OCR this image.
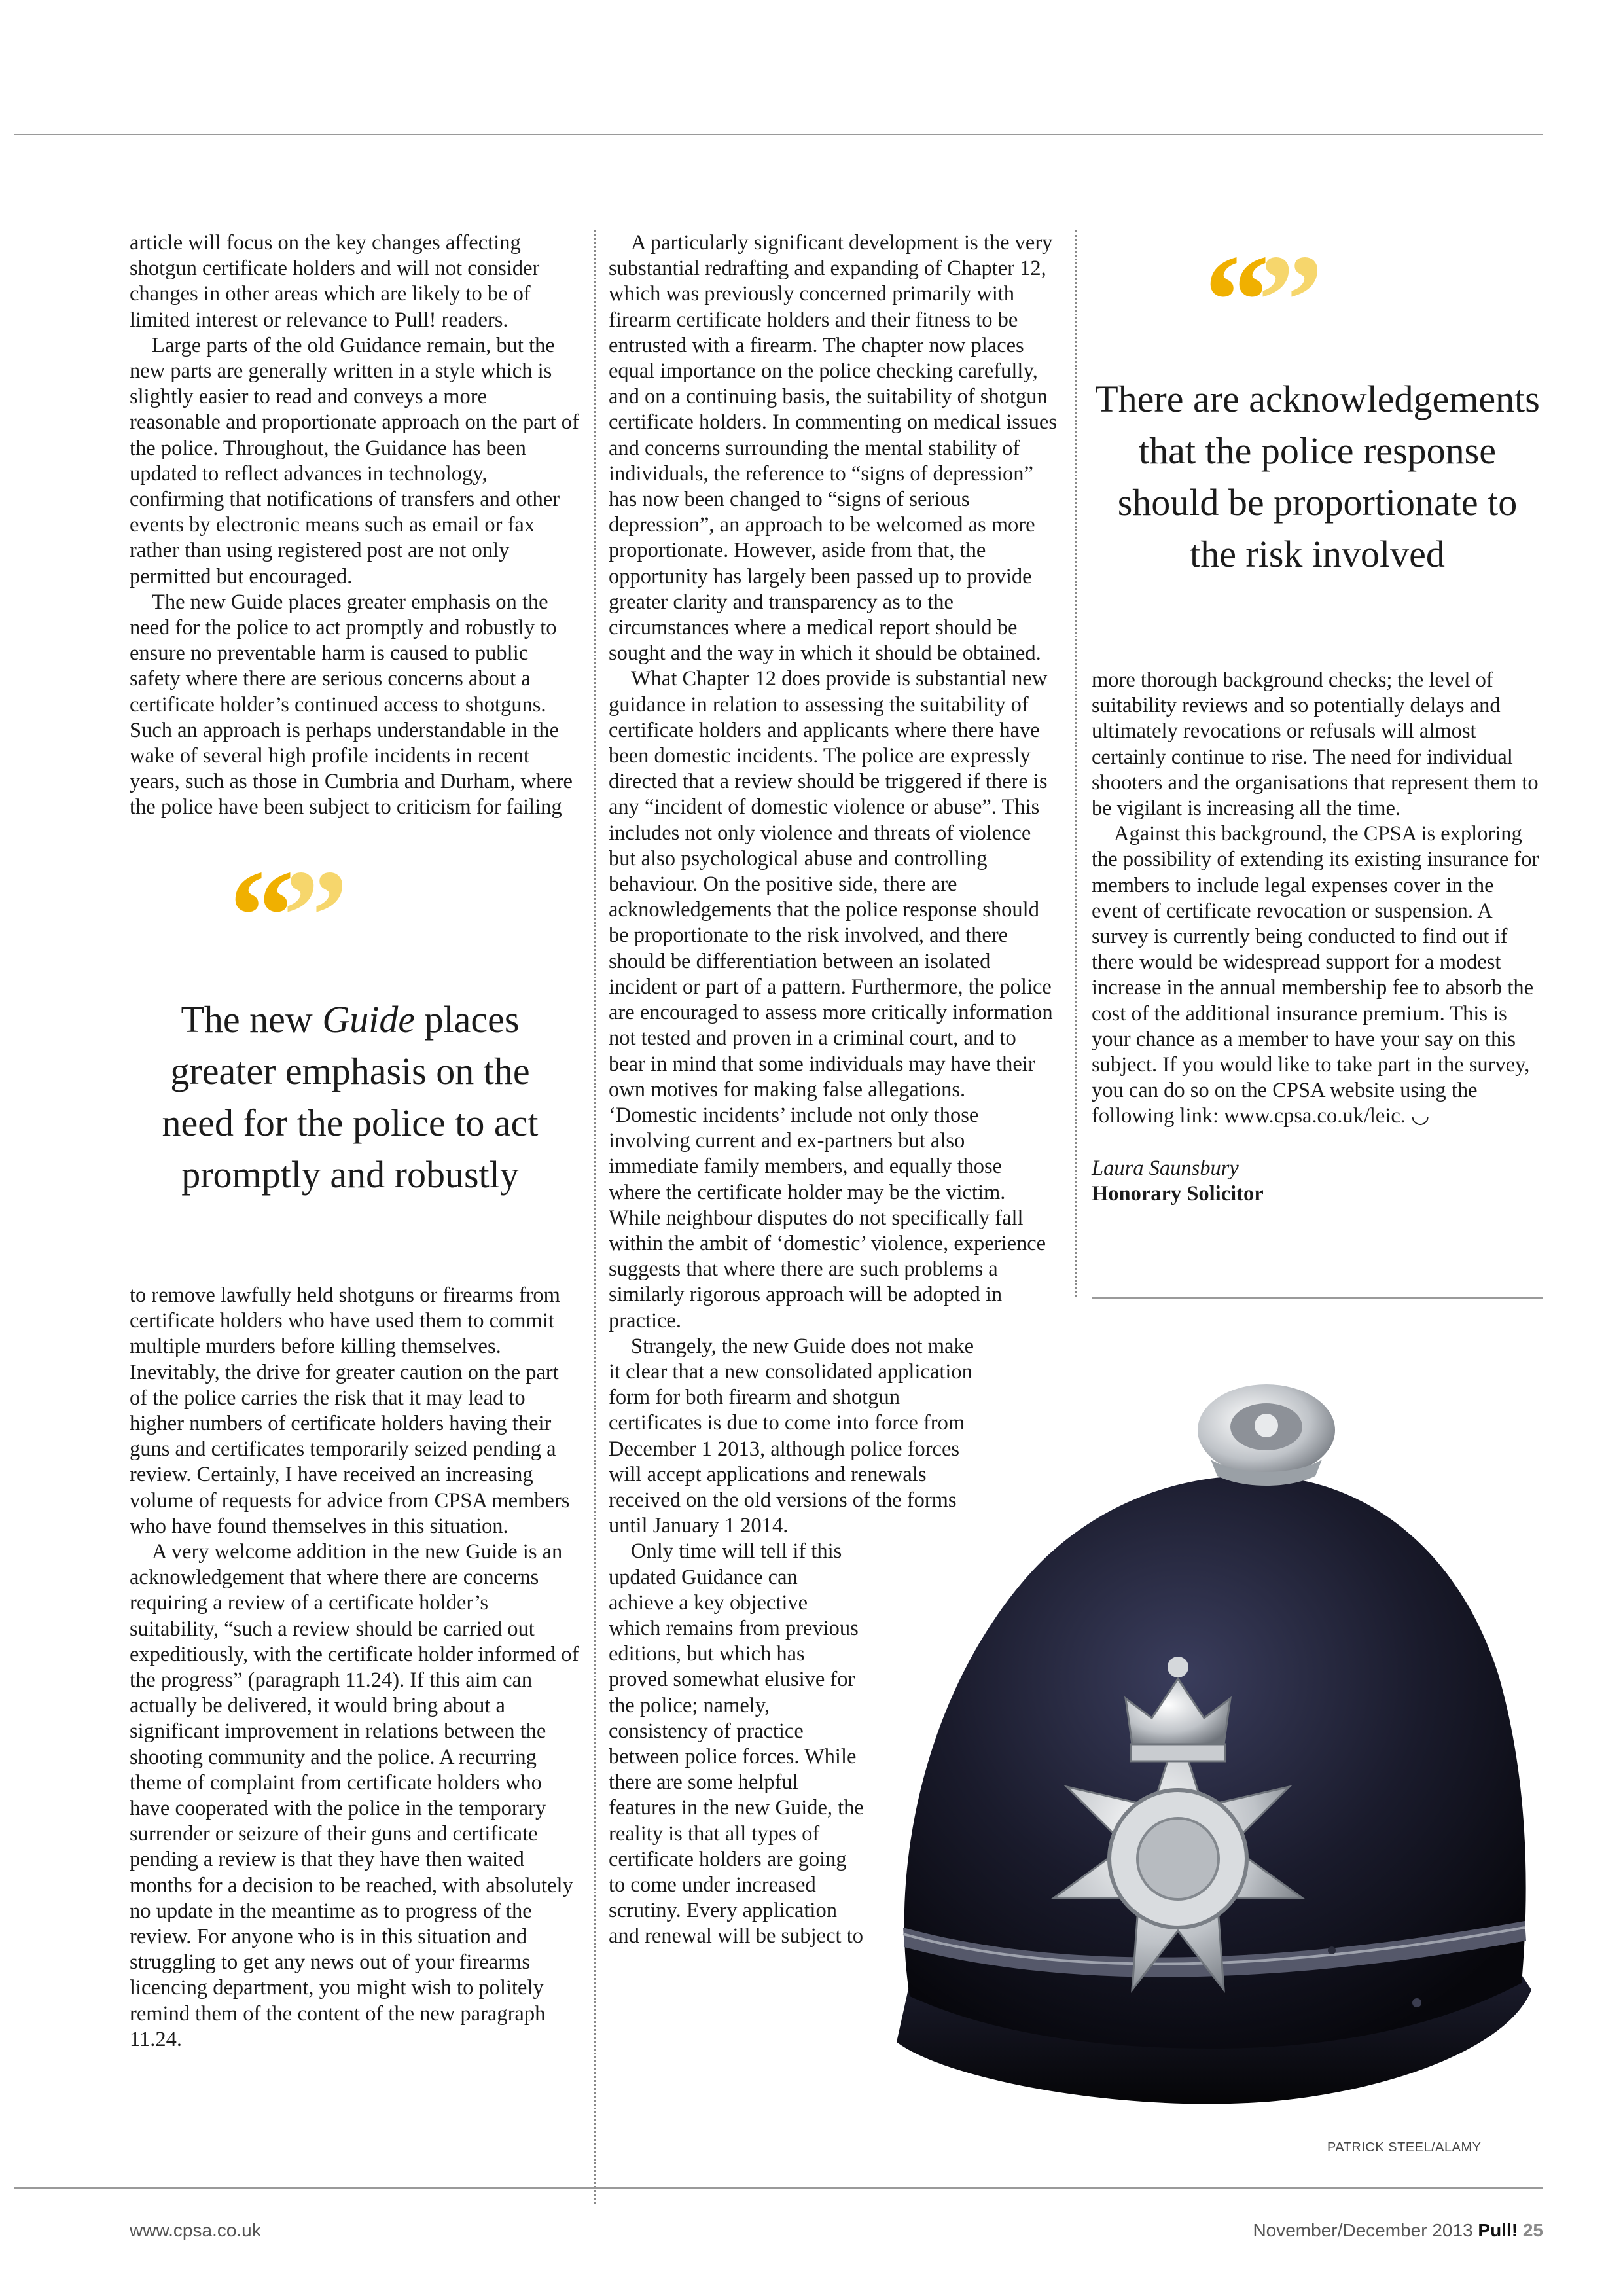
article will focus on the key changes affecting shotgun certificate holders and will not consider changes in other areas which are likely to be of limited interest or relevance to Pull! readers.

Large parts of the old Guidance remain, but the new parts are generally written in a style which is slightly easier to read and conveys a more reasonable and proportionate approach on the part of the police. Throughout, the Guidance has been updated to reflect advances in technology, confirming that notifications of transfers and other events by electronic means such as email or fax rather than using registered post are not only permitted but encouraged.

The new Guide places greater emphasis on the need for the police to act promptly and robustly to ensure no preventable harm is caused to public safety where there are serious concerns about a certificate holder’s continued access to shotguns. Such an approach is perhaps understandable in the wake of several high profile incidents in recent years, such as those in Cumbria and Durham, where the police have been subject to criticism for failing

“”
The new Guide places greater emphasis on the need for the police to act promptly and robustly

to remove lawfully held shotguns or firearms from certificate holders who have used them to commit multiple murders before killing themselves. Inevitably, the drive for greater caution on the part of the police carries the risk that it may lead to higher numbers of certificate holders having their guns and certificates temporarily seized pending a review. Certainly, I have received an increasing volume of requests for advice from CPSA members who have found themselves in this situation.

A very welcome addition in the new Guide is an acknowledgement that where there are concerns requiring a review of a certificate holder’s suitability, “such a review should be carried out expeditiously, with the certificate holder informed of the progress” (paragraph 11.24). If this aim can actually be delivered, it would bring about a significant improvement in relations between the shooting community and the police. A recurring theme of complaint from certificate holders who have cooperated with the police in the temporary surrender or seizure of their guns and certificate pending a review is that they have then waited months for a decision to be reached, with absolutely no update in the meantime as to progress of the review. For anyone who is in this situation and struggling to get any news out of your firearms licencing department, you might wish to politely remind them of the content of the new paragraph 11.24.

A particularly significant development is the very substantial redrafting and expanding of Chapter 12, which was previously concerned primarily with firearm certificate holders and their fitness to be entrusted with a firearm. The chapter now places equal importance on the police checking carefully, and on a continuing basis, the suitability of shotgun certificate holders. In commenting on medical issues and concerns surrounding the mental stability of individuals, the reference to “signs of depression” has now been changed to “signs of serious depression”, an approach to be welcomed as more proportionate. However, aside from that, the opportunity has largely been passed up to provide greater clarity and transparency as to the circumstances where a medical report should be sought and the way in which it should be obtained.

What Chapter 12 does provide is substantial new guidance in relation to assessing the suitability of certificate holders and applicants where there have been domestic incidents. The police are expressly directed that a review should be triggered if there is any “incident of domestic violence or abuse”. This includes not only violence and threats of violence but also psychological abuse and controlling behaviour. On the positive side, there are acknowledgements that the police response should be proportionate to the risk involved, and there should be differentiation between an isolated incident or part of a pattern. Furthermore, the police are encouraged to assess more critically information not tested and proven in a criminal court, and to bear in mind that some individuals may have their own motives for making false allegations. ‘Domestic incidents’ include not only those involving current and ex-partners but also immediate family members, and equally those where the certificate holder may be the victim. While neighbour disputes do not specifically fall within the ambit of ‘domestic’ violence, experience suggests that where there are such problems a similarly rigorous approach will be adopted in practice.

Strangely, the new Guide does not make it clear that a new consolidated application form for both firearm and shotgun certificates is due to come into force from December 1 2013, although police forces will accept applications and renewals received on the old versions of the forms until January 1 2014.

Only time will tell if this updated Guidance can achieve a key objective which remains from previous editions, but which has proved somewhat elusive for the police; namely, consistency of practice between police forces. While there are some helpful features in the new Guide, the reality is that all types of certificate holders are going to come under increased scrutiny. Every application and renewal will be subject to

“”
There are acknowledgements that the police response should be proportionate to the risk involved

more thorough background checks; the level of suitability reviews and so potentially delays and ultimately revocations or refusals will almost certainly continue to rise. The need for individual shooters and the organisations that represent them to be vigilant is increasing all the time.

Against this background, the CPSA is exploring the possibility of extending its existing insurance for members to include legal expenses cover in the event of certificate revocation or suspension. A survey is currently being conducted to find out if there would be widespread support for a modest increase in the annual membership fee to absorb the cost of the additional insurance premium. This is your chance as a member to have your say on this subject. If you would like to take part in the survey, you can do so on the CPSA website using the following link: www.cpsa.co.uk/leic. ◡

Laura Saunsbury

Honorary Solicitor

PATRICK STEEL/ALAMY
www.cpsa.co.uk	November/December 2013 Pull! 25
